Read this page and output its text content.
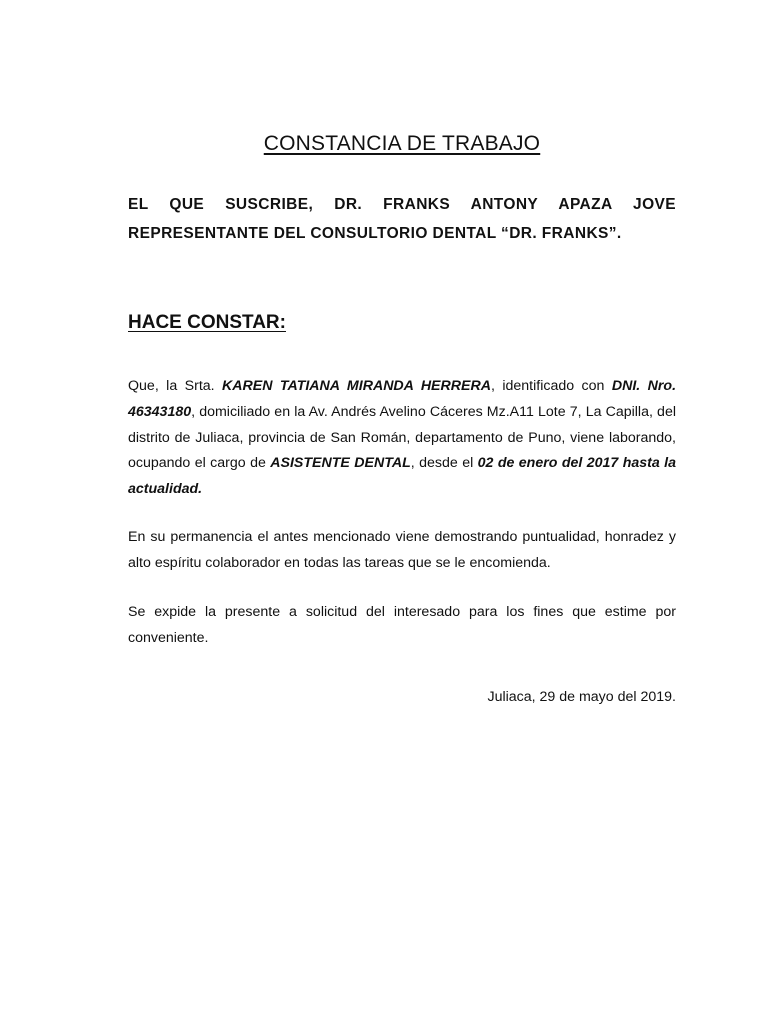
CONSTANCIA DE TRABAJO

EL QUE SUSCRIBE, DR. FRANKS ANTONY APAZA JOVE REPRESENTANTE DEL CONSULTORIO DENTAL “DR. FRANKS”.

HACE CONSTAR:

Que, la Srta. KAREN TATIANA MIRANDA HERRERA, identificado con DNI. Nro. 46343180, domiciliado en la Av. Andrés Avelino Cáceres Mz.A11 Lote 7, La Capilla, del distrito de Juliaca, provincia de San Román, departamento de Puno, viene laborando, ocupando el cargo de ASISTENTE DENTAL, desde el 02 de enero del 2017 hasta la actualidad.

En su permanencia el antes mencionado viene demostrando puntualidad, honradez y alto espíritu colaborador en todas las tareas que se le encomienda.

Se expide la presente a solicitud del interesado para los fines que estime por conveniente.

Juliaca, 29 de mayo del 2019.
